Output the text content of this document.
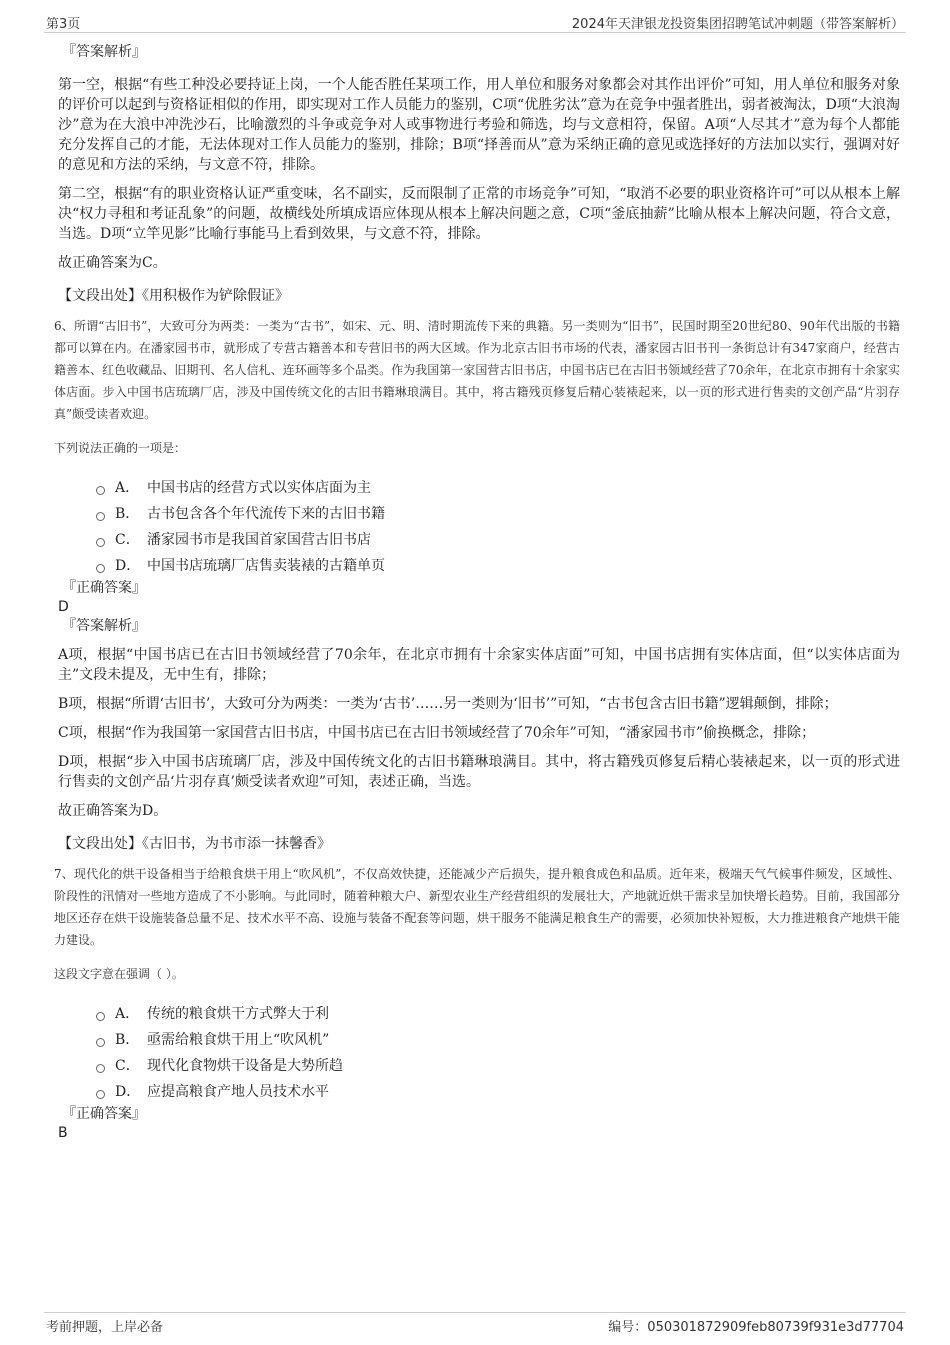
第3页	2024年天津银龙投资集团招聘笔试冲刺题（带答案解析）
『答案解析』

第一空，根据“有些工种没必要持证上岗，一个人能否胜任某项工作，用人单位和服务对象都会对其作出评价”可知，用人单位和服务对象的评价可以起到与资格证相似的作用，即实现对工作人员能力的鉴别，C项“优胜劣汰”意为在竞争中强者胜出，弱者被淘汰，D项“大浪淘沙”意为在大浪中冲洗沙石，比喻激烈的斗争或竞争对人或事物进行考验和筛选，均与文意相符，保留。A项“人尽其才”意为每个人都能充分发挥自己的才能，无法体现对工作人员能力的鉴别，排除；B项“择善而从”意为采纳正确的意见或选择好的方法加以实行，强调对好的意见和方法的采纳，与文意不符，排除。

第二空，根据“有的职业资格认证严重变味，名不副实，反而限制了正常的市场竞争”可知，“取消不必要的职业资格许可”可以从根本上解决“权力寻租和考证乱象”的问题，故横线处所填成语应体现从根本上解决问题之意，C项“釜底抽薪”比喻从根本上解决问题，符合文意，当选。D项“立竿见影”比喻行事能马上看到效果，与文意不符，排除。

故正确答案为C。

【文段出处】《用积极作为铲除假证》

6、所谓“古旧书”，大致可分为两类：一类为“古书”，如宋、元、明、清时期流传下来的典籍。另一类则为“旧书”，民国时期至20世纪80、90年代出版的书籍都可以算在内。在潘家园书市，就形成了专营古籍善本和专营旧书的两大区域。作为北京古旧书市场的代表，潘家园古旧书刊一条街总计有347家商户，经营古籍善本、红色收藏品、旧期刊、名人信札、连环画等多个品类。作为我国第一家国营古旧书店，中国书店已在古旧书领域经营了70余年，在北京市拥有十余家实体店面。步入中国书店琉璃厂店，涉及中国传统文化的古旧书籍琳琅满目。其中，将古籍残页修复后精心装裱起来，以一页的形式进行售卖的文创产品“片羽存真”颇受读者欢迎。

下列说法正确的一项是：

A． 中国书店的经营方式以实体店面为主
B． 古书包含各个年代流传下来的古旧书籍
C． 潘家园书市是我国首家国营古旧书店
D． 中国书店琉璃厂店售卖装裱的古籍单页
『正确答案』
D
『答案解析』

A项，根据“中国书店已在古旧书领域经营了70余年，在北京市拥有十余家实体店面”可知，中国书店拥有实体店面，但“以实体店面为主”文段未提及，无中生有，排除；

B项，根据“所谓‘古旧书’，大致可分为两类：一类为‘古书’……另一类则为‘旧书’”可知，“古书包含古旧书籍”逻辑颠倒，排除；

C项，根据“作为我国第一家国营古旧书店，中国书店已在古旧书领域经营了70余年”可知，“潘家园书市”偷换概念，排除；

D项，根据“步入中国书店琉璃厂店，涉及中国传统文化的古旧书籍琳琅满目。其中，将古籍残页修复后精心装裱起来，以一页的形式进行售卖的文创产品‘片羽存真’颇受读者欢迎”可知，表述正确，当选。

故正确答案为D。

【文段出处】《古旧书，为书市添一抹馨香》

7、现代化的烘干设备相当于给粮食烘干用上“吹风机”，不仅高效快捷，还能减少产后损失，提升粮食成色和品质。近年来，极端天气气候事件频发，区域性、阶段性的汛情对一些地方造成了不小影响。与此同时，随着种粮大户、新型农业生产经营组织的发展壮大，产地就近烘干需求呈加快增长趋势。目前，我国部分地区还存在烘干设施装备总量不足、技术水平不高、设施与装备不配套等问题，烘干服务不能满足粮食生产的需要，必须加快补短板，大力推进粮食产地烘干能力建设。

这段文字意在强调（ ）。

A． 传统的粮食烘干方式弊大于利
B． 亟需给粮食烘干用上“吹风机”
C． 现代化食物烘干设备是大势所趋
D． 应提高粮食产地人员技术水平
『正确答案』
B
考前押题，上岸必备	编号：050301872909feb80739f931e3d77704
